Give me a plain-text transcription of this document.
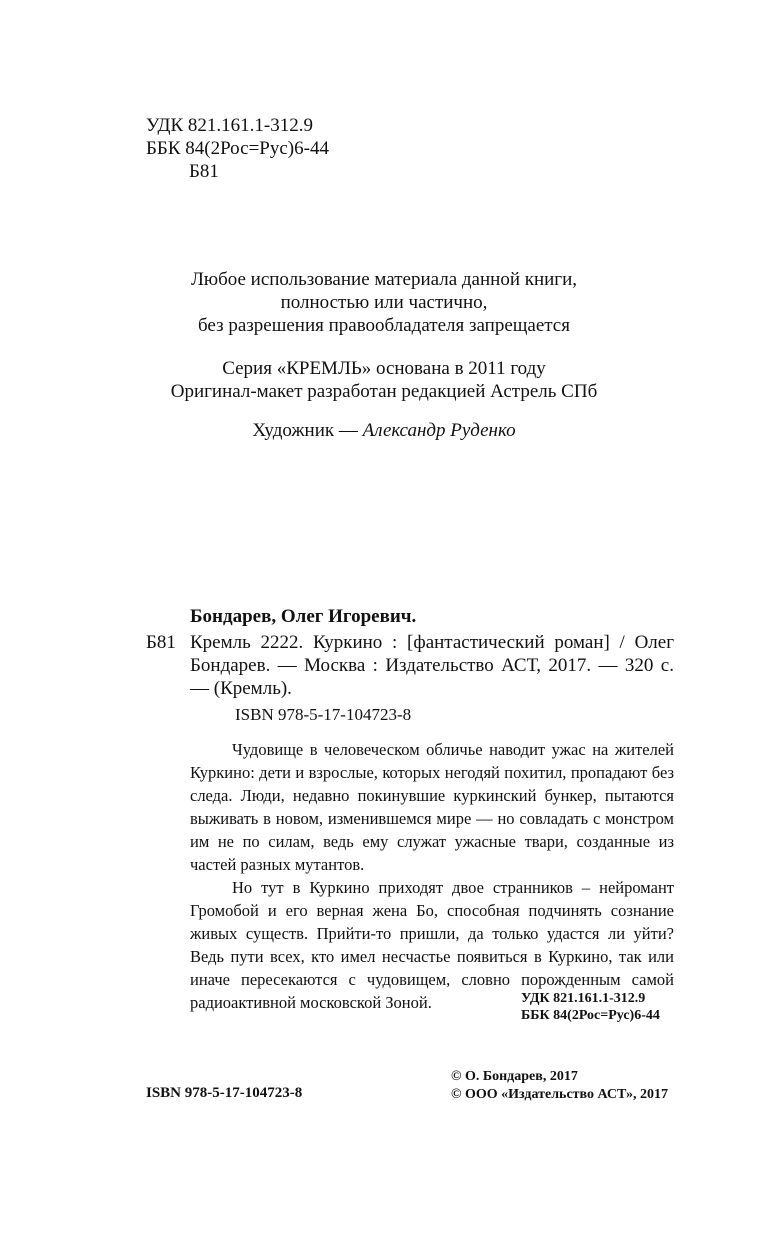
УДК 821.161.1-312.9
ББК 84(2Рос=Рус)6-44
Б81
Любое использование материала данной книги,
полностью или частично,
без разрешения правообладателя запрещается
Серия «КРЕМЛЬ» основана в 2011 году
Оригинал-макет разработан редакцией Астрель СПб
Художник — Александр Руденко
Бондарев, Олег Игоревич.
Б81 Кремль 2222. Куркино : [фантастический роман] / Олег Бондарев. — Москва : Издательство АСТ, 2017. — 320 с. — (Кремль).
ISBN 978-5-17-104723-8

Чудовище в человеческом обличье наводит ужас на жителей Куркино: дети и взрослые, которых негодяй похитил, пропадают без следа. Люди, недавно покинувшие куркинский бункер, пытаются выживать в новом, изменившемся мире — но совладать с монстром им не по силам, ведь ему служат ужасные твари, созданные из частей разных мутантов.

Но тут в Куркино приходят двое странников – нейромант Громобой и его верная жена Бо, способная подчинять сознание живых существ. Прийти-то пришли, да только удастся ли уйти? Ведь пути всех, кто имел несчастье появиться в Куркино, так или иначе пересекаются с чудовищем, словно порожденным самой радиоактивной московской Зоной.	УДК 821.161.1-312.9
ББК 84(2Рос=Рус)6-44
ISBN 978-5-17-104723-8
© О. Бондарев, 2017
© ООО «Издательство АСТ», 2017
